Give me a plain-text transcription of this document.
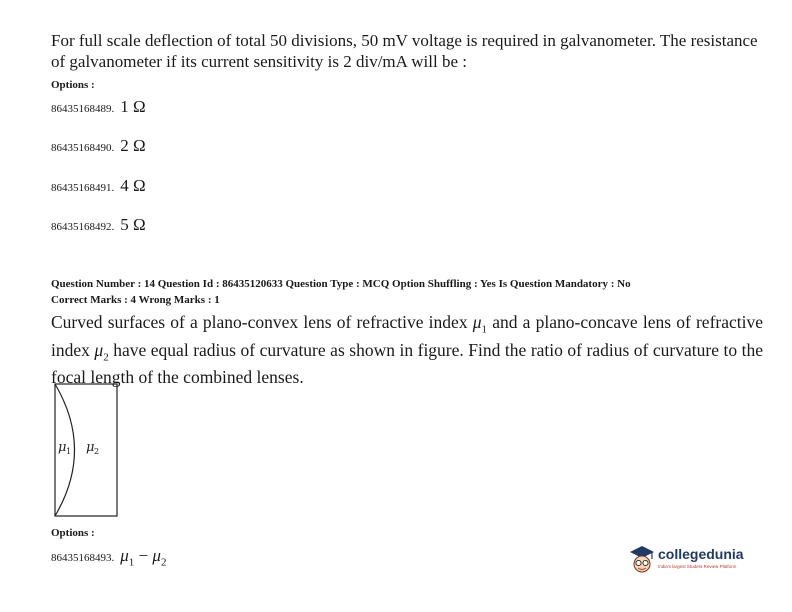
For full scale deflection of total 50 divisions, 50 mV voltage is required in galvanometer. The resistance of galvanometer if its current sensitivity is 2 div/mA will be :
Options :
86435168489. 1 Ω
86435168490. 2 Ω
86435168491. 4 Ω
86435168492. 5 Ω
Question Number : 14 Question Id : 86435120633 Question Type : MCQ Option Shuffling : Yes Is Question Mandatory : No
Correct Marks : 4 Wrong Marks : 1
Curved surfaces of a plano-convex lens of refractive index $\mu_1$ and a plano-concave lens of refractive index $\mu_2$ have equal radius of curvature as shown in figure. Find the ratio of radius of curvature to the focal length of the combined lenses.
μ 1 μ 2
Options :
86435168493. $\mu_1 - \mu_2$
collegedunia
India's largest Student Review Platform
